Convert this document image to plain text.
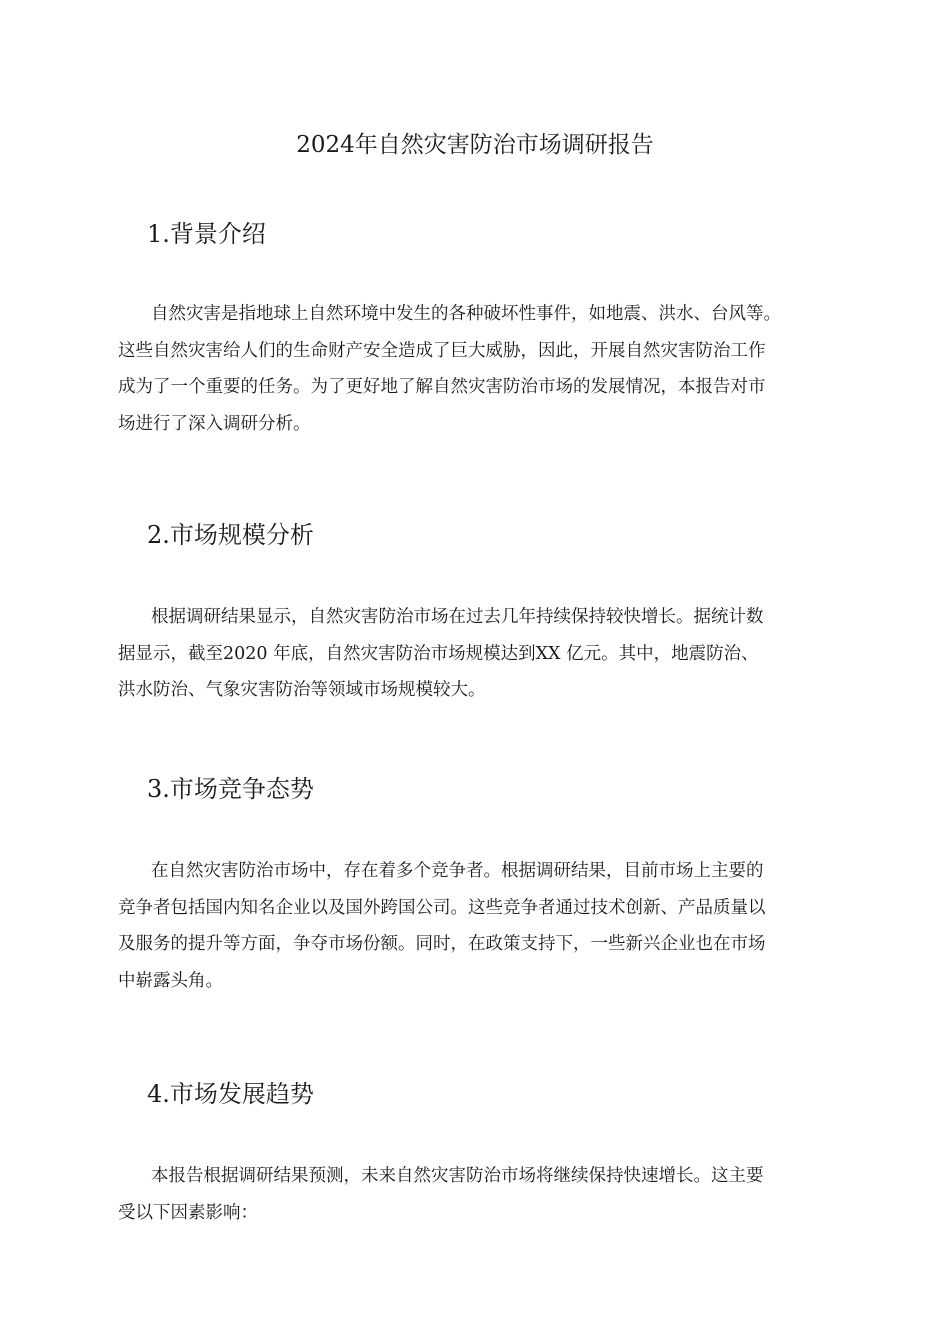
2024年自然灾害防治市场调研报告
1.背景介绍
自然灾害是指地球上自然环境中发生的各种破坏性事件，如地震、洪水、台风等。
这些自然灾害给人们的生命财产安全造成了巨大威胁，因此，开展自然灾害防治工作
成为了一个重要的任务。为了更好地了解自然灾害防治市场的发展情况，本报告对市
场进行了深入调研分析。
2.市场规模分析
根据调研结果显示，自然灾害防治市场在过去几年持续保持较快增长。据统计数
据显示，截至2020 年底，自然灾害防治市场规模达到XX 亿元。其中，地震防治、
洪水防治、气象灾害防治等领域市场规模较大。
3.市场竞争态势
在自然灾害防治市场中，存在着多个竞争者。根据调研结果，目前市场上主要的
竞争者包括国内知名企业以及国外跨国公司。这些竞争者通过技术创新、产品质量以
及服务的提升等方面，争夺市场份额。同时，在政策支持下，一些新兴企业也在市场
中崭露头角。
4.市场发展趋势
本报告根据调研结果预测，未来自然灾害防治市场将继续保持快速增长。这主要
受以下因素影响：
